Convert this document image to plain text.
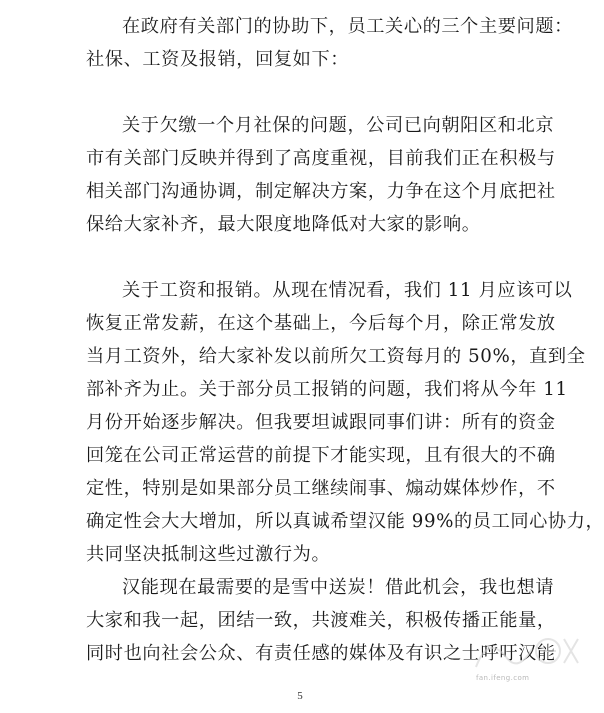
在政府有关部门的协助下，员工关心的三个主要问题：
社保、工资及报销，回复如下：
关于欠缴一个月社保的问题，公司已向朝阳区和北京
市有关部门反映并得到了高度重视，目前我们正在积极与
相关部门沟通协调，制定解决方案，力争在这个月底把社
保给大家补齐，最大限度地降低对大家的影响。
关于工资和报销。从现在情况看，我们 11 月应该可以
恢复正常发薪，在这个基础上，今后每个月，除正常发放
当月工资外，给大家补发以前所欠工资每月的 50%，直到全
部补齐为止。关于部分员工报销的问题，我们将从今年 11
月份开始逐步解决。但我要坦诚跟同事们讲：所有的资金
回笼在公司正常运营的前提下才能实现，且有很大的不确
定性，特别是如果部分员工继续闹事、煽动媒体炒作，不
确定性会大大增加，所以真诚希望汉能 99%的员工同心协力，
共同坚决抵制这些过激行为。
汉能现在最需要的是雪中送炭！借此机会，我也想请
大家和我一起，团结一致，共渡难关，积极传播正能量，
同时也向社会公众、有责任感的媒体及有识之士呼吁汉能
fan.ifeng.com
5
